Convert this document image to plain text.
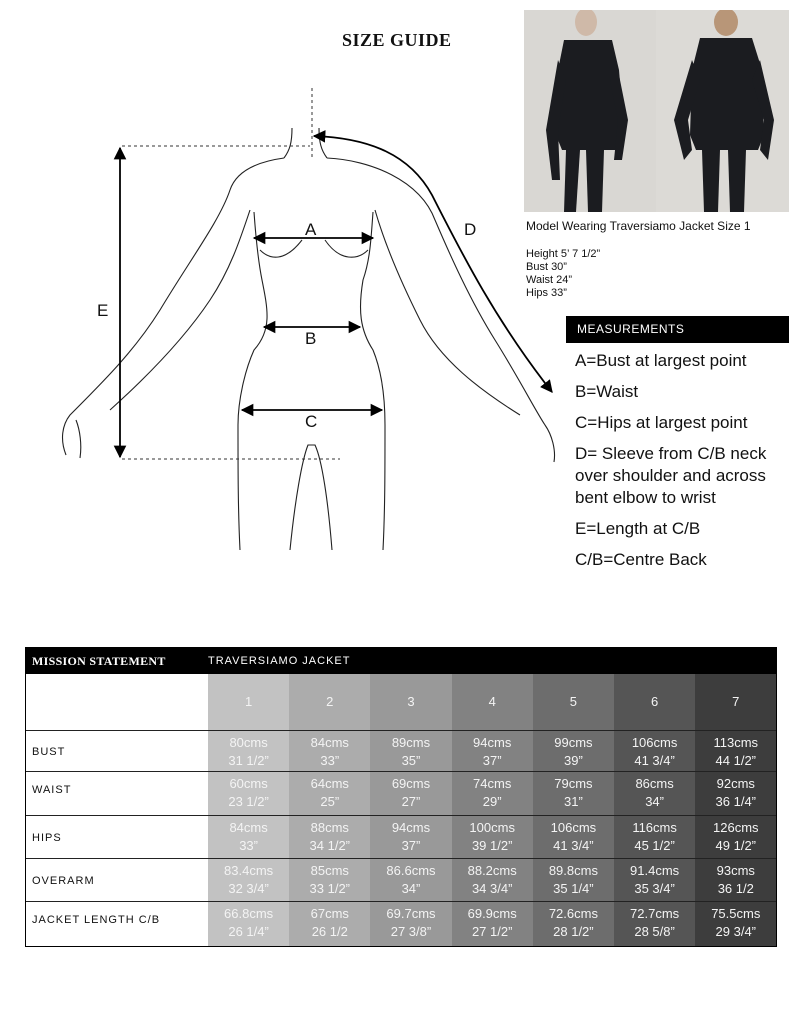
SIZE GUIDE
A
B
C
D
E
Model Wearing Traversiamo Jacket Size 1
Height 5’ 7 1/2”
Bust 30”
Waist 24”
Hips 33”
MEASUREMENTS
A=Bust at largest point
B=Waist
C=Hips at largest point
D= Sleeve from C/B neck over shoulder and across bent elbow to wrist
E=Length at C/B
C/B=Centre Back
MISSION STATEMENT	TRAVERSIAMO JACKET
1
80cms
31 1/2”
60cms
23 1/2”
84cms
33”
83.4cms
32 3/4”
66.8cms
26 1/4”
2
84cms
33”
64cms
25”
88cms
34 1/2”
85cms
33 1/2”
67cms
26 1/2
3
89cms
35”
69cms
27”
94cms
37”
86.6cms
34”
69.7cms
27 3/8”
4
94cms
37”
74cms
29”
100cms
39 1/2”
88.2cms
34 3/4”
69.9cms
27 1/2”
5
99cms
39”
79cms
31”
106cms
41 3/4”
89.8cms
35 1/4”
72.6cms
28 1/2”
6
106cms
41 3/4”
86cms
34”
116cms
45 1/2”
91.4cms
35 3/4”
72.7cms
28 5/8”
7
113cms
44 1/2”
92cms
36 1/4”
126cms
49 1/2”
93cms
36 1/2
75.5cms
29 3/4”
BUST
WAIST
HIPS
OVERARM
JACKET LENGTH C/B
